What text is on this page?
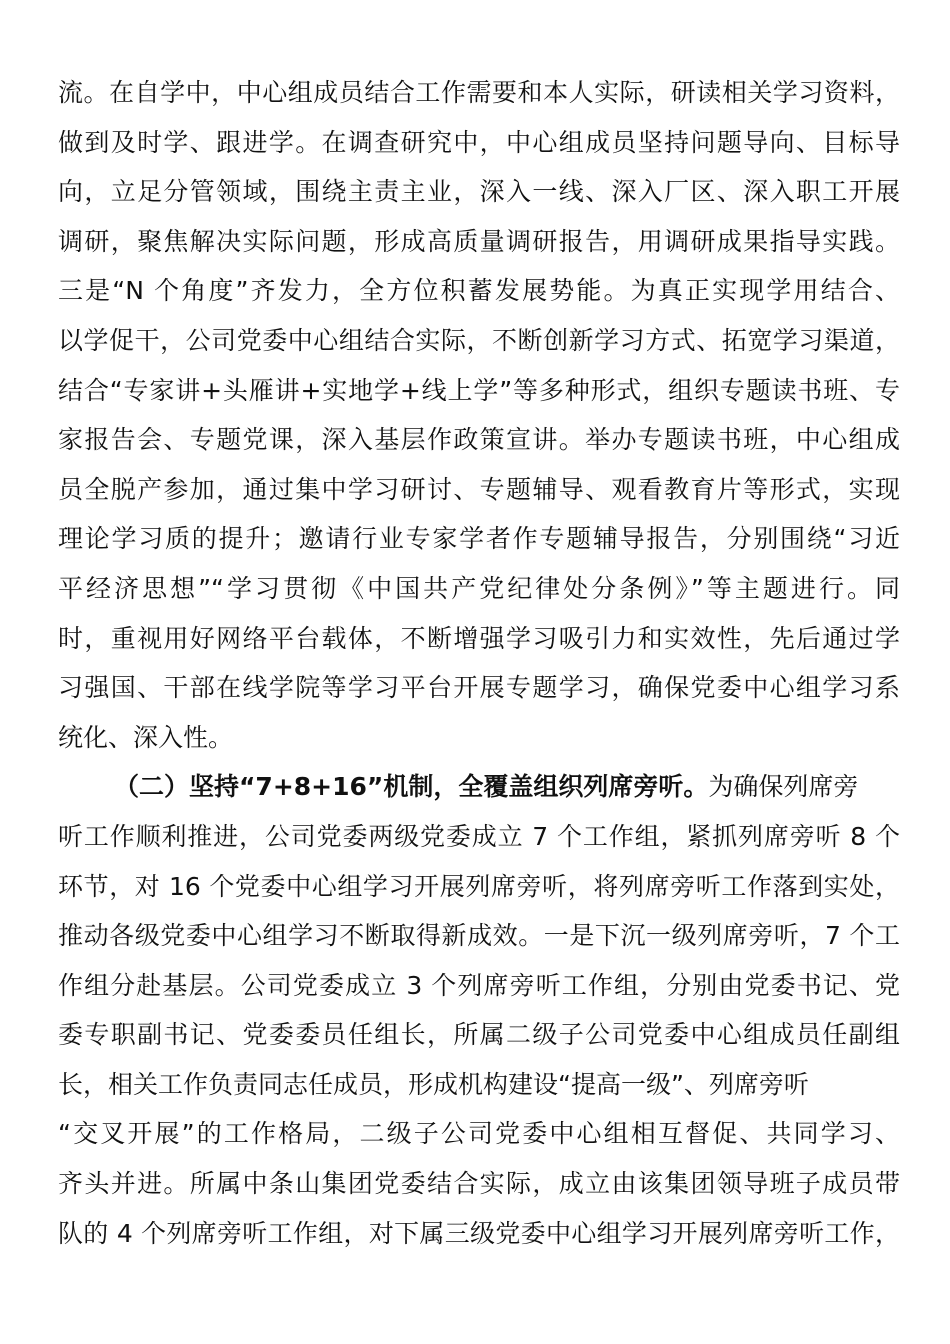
流。在自学中，中心组成员结合工作需要和本人实际，研读相关学习资料，
做到及时学、跟进学。在调查研究中，中心组成员坚持问题导向、目标导
向，立足分管领域，围绕主责主业，深入一线、深入厂区、深入职工开展
调研，聚焦解决实际问题，形成高质量调研报告，用调研成果指导实践。
三是“N 个角度”齐发力，全方位积蓄发展势能。为真正实现学用结合、
以学促干，公司党委中心组结合实际，不断创新学习方式、拓宽学习渠道，
结合“专家讲+头雁讲+实地学+线上学”等多种形式，组织专题读书班、专
家报告会、专题党课，深入基层作政策宣讲。举办专题读书班，中心组成
员全脱产参加，通过集中学习研讨、专题辅导、观看教育片等形式，实现
理论学习质的提升；邀请行业专家学者作专题辅导报告，分别围绕“习近
平经济思想”“学习贯彻《中国共产党纪律处分条例》”等主题进行。同
时，重视用好网络平台载体，不断增强学习吸引力和实效性，先后通过学
习强国、干部在线学院等学习平台开展专题学习，确保党委中心组学习系
统化、深入性。
（二）坚持“7+8+16”机制，全覆盖组织列席旁听。为确保列席旁
听工作顺利推进，公司党委两级党委成立 7 个工作组，紧抓列席旁听 8 个
环节，对 16 个党委中心组学习开展列席旁听，将列席旁听工作落到实处，
推动各级党委中心组学习不断取得新成效。一是下沉一级列席旁听，7 个工
作组分赴基层。公司党委成立 3 个列席旁听工作组，分别由党委书记、党
委专职副书记、党委委员任组长，所属二级子公司党委中心组成员任副组
长，相关工作负责同志任成员，形成机构建设“提高一级”、列席旁听
“交叉开展”的工作格局，二级子公司党委中心组相互督促、共同学习、
齐头并进。所属中条山集团党委结合实际，成立由该集团领导班子成员带
队的 4 个列席旁听工作组，对下属三级党委中心组学习开展列席旁听工作，
